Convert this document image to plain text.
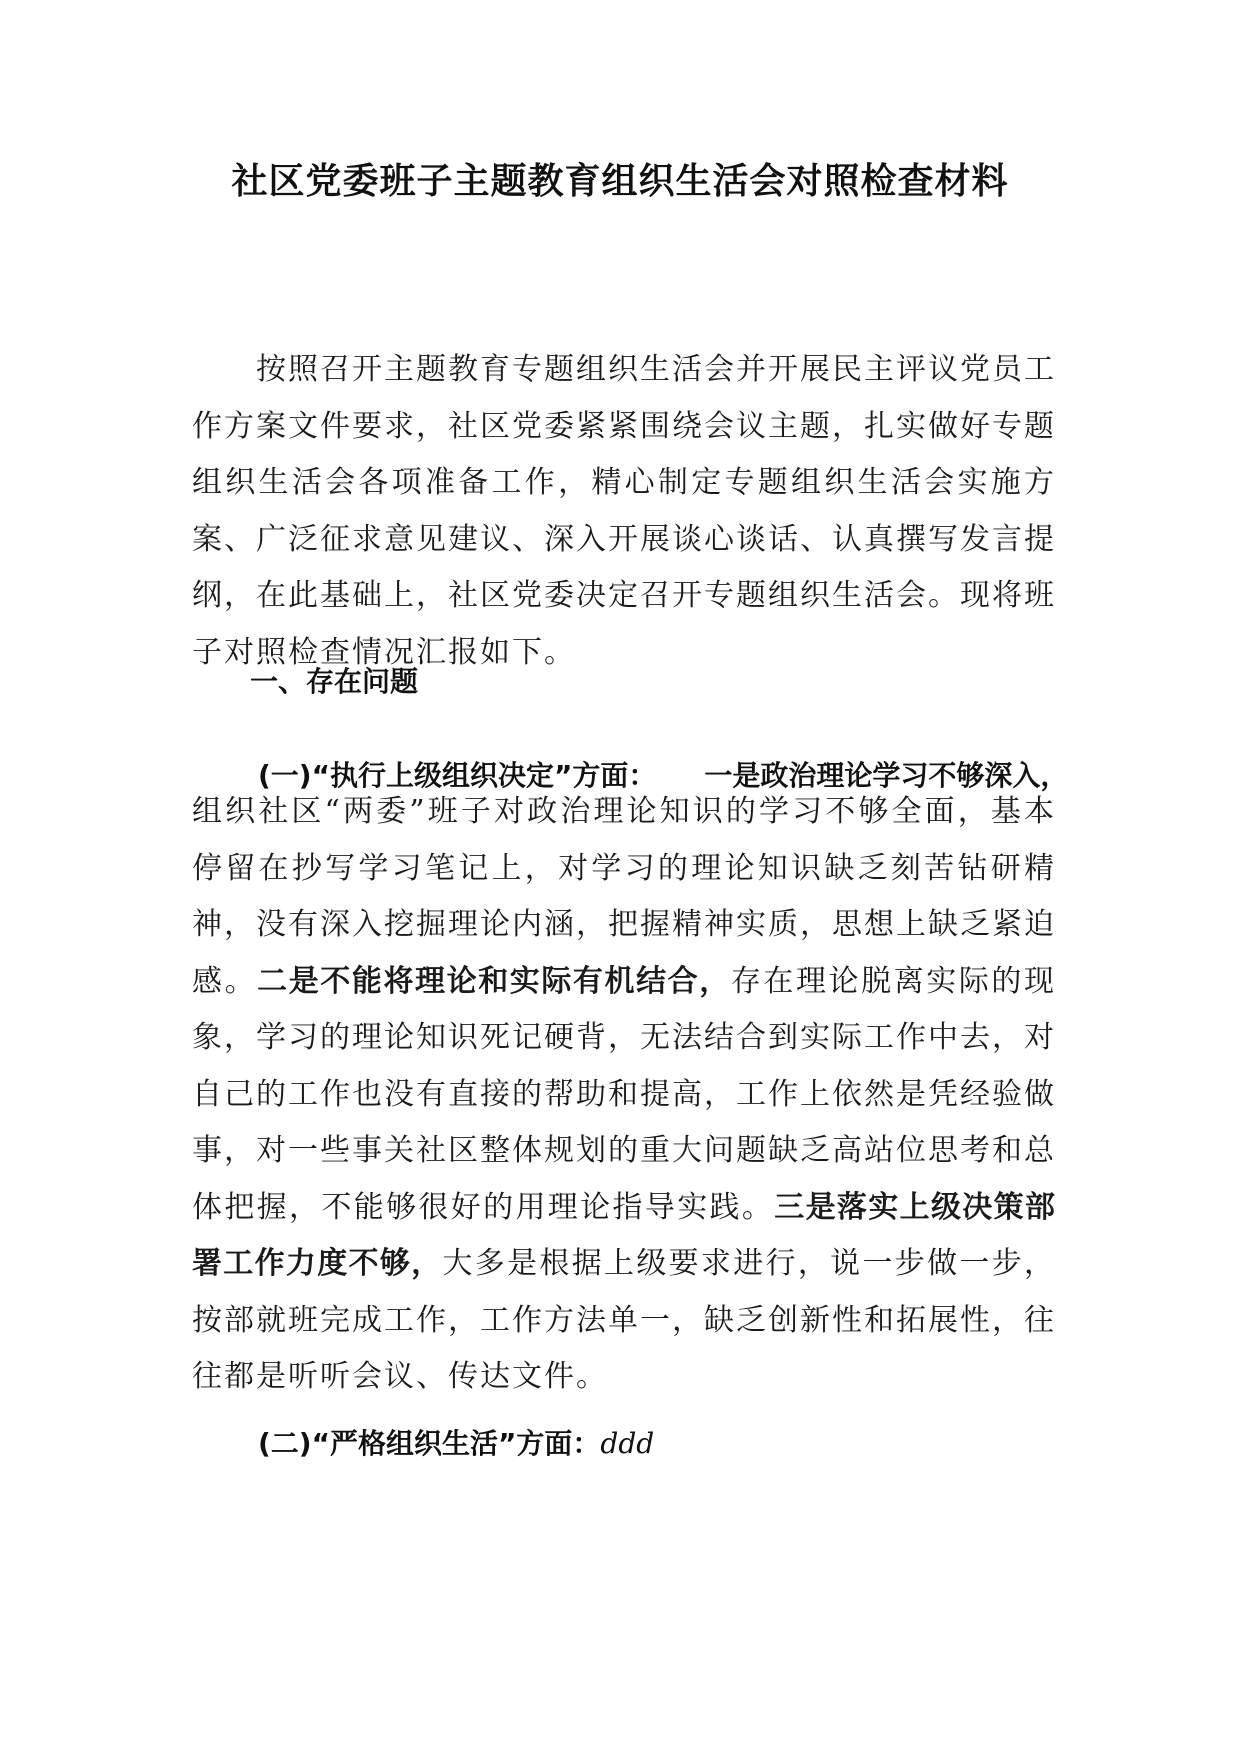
社区党委班子主题教育组织生活会对照检查材料

按照召开主题教育专题组织生活会并开展民主评议党员工作方案文件要求，社区党委紧紧围绕会议主题，扎实做好专题组织生活会各项准备工作，精心制定专题组织生活会实施方案、广泛征求意见建议、深入开展谈心谈话、认真撰写发言提纲，在此基础上，社区党委决定召开专题组织生活会。现将班子对照检查情况汇报如下。

一、存在问题
(一)“执行上级组织决定”方面： 一是政治理论学习不够深入，

组织社区“两委”班子对政治理论知识的学习不够全面，基本停留在抄写学习笔记上，对学习的理论知识缺乏刻苦钻研精神，没有深入挖掘理论内涵，把握精神实质，思想上缺乏紧迫感。二是不能将理论和实际有机结合，存在理论脱离实际的现象，学习的理论知识死记硬背，无法结合到实际工作中去，对自己的工作也没有直接的帮助和提高，工作上依然是凭经验做事，对一些事关社区整体规划的重大问题缺乏高站位思考和总体把握，不能够很好的用理论指导实践。三是落实上级决策部署工作力度不够，大多是根据上级要求进行，说一步做一步，按部就班完成工作，工作方法单一，缺乏创新性和拓展性，往往都是听听会议、传达文件。

(二)“严格组织生活”方面：ddd
